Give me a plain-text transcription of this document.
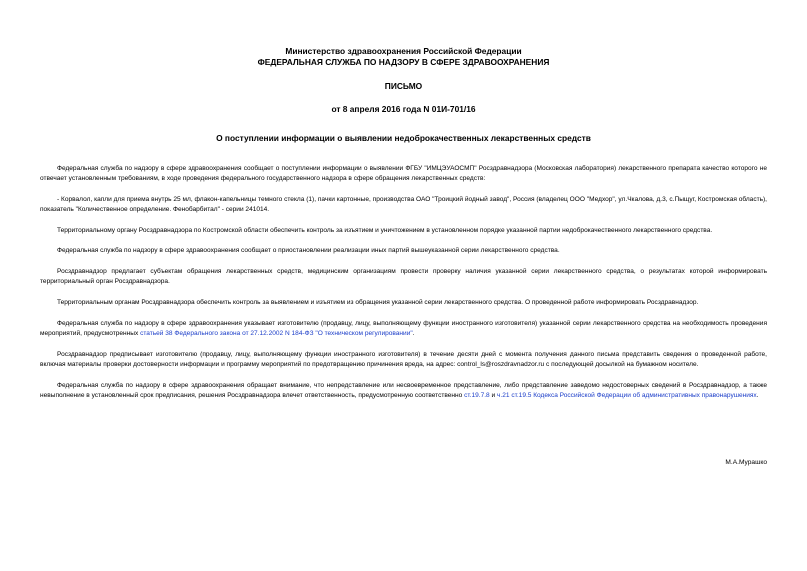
Министерство здравоохранения Российской Федерации
ФЕДЕРАЛЬНАЯ СЛУЖБА ПО НАДЗОРУ В СФЕРЕ ЗДРАВООХРАНЕНИЯ
ПИСЬМО
от 8 апреля 2016 года N 01И-701/16
О поступлении информации о выявлении недоброкачественных лекарственных средств

Федеральная служба по надзору в сфере здравоохранения сообщает о поступлении информации о выявлении ФГБУ "ИМЦЭУАОСМП" Росздравнадзора (Московская лаборатория) лекарственного препарата качество которого не отвечает установленным требованиям, в ходе проведения федерального государственного надзора в сфере обращения лекарственных средств:

- Корвалол, капли для приема внутрь 25 мл, флакон-капельницы темного стекла (1), пачки картонные, производства ОАО "Троицкий йодный завод", Россия (владелец ООО "Медхор", ул.Чкалова, д.3, с.Пыщуг, Костромская область), показатель "Количественное определение. Фенобарбитал" - серии 241014.

Территориальному органу Росздравнадзора по Костромской области обеспечить контроль за изъятием и уничтожением в установленном порядке указанной партии недоброкачественного лекарственного средства.

Федеральная служба по надзору в сфере здравоохранения сообщает о приостановлении реализации иных партий вышеуказанной серии лекарственного средства.

Росздравнадзор предлагает субъектам обращения лекарственных средств, медицинским организациям провести проверку наличия указанной серии лекарственного средства, о результатах которой информировать территориальный орган Росздравнадзора.

Территориальным органам Росздравнадзора обеспечить контроль за выявлением и изъятием из обращения указанной серии лекарственного средства. О проведенной работе информировать Росздравнадзор.

Федеральная служба по надзору в сфере здравоохранения указывает изготовителю (продавцу, лицу, выполняющему функции иностранного изготовителя) указанной серии лекарственного средства на необходимость проведения мероприятий, предусмотренных статьей 38 Федерального закона от 27.12.2002 N 184-ФЗ "О техническом регулировании".

Росздравнадзор предписывает изготовителю (продавцу, лицу, выполняющему функции иностранного изготовителя) в течение десяти дней с момента получения данного письма представить сведения о проведенной работе, включая материалы проверки достоверности информации и программу мероприятий по предотвращению причинения вреда, на адрес: control_ls@roszdravnadzor.ru с последующей досылкой на бумажном носителе.

Федеральная служба по надзору в сфере здравоохранения обращает внимание, что непредставление или несвоевременное представление, либо представление заведомо недостоверных сведений в Росздравнадзор, а также невыполнение в установленный срок предписания, решения Росздравнадзора влечет ответственность, предусмотренную соответственно ст.19.7.8 и ч.21 ст.19.5 Кодекса Российской Федерации об административных правонарушениях.

М.А.Мурашко
